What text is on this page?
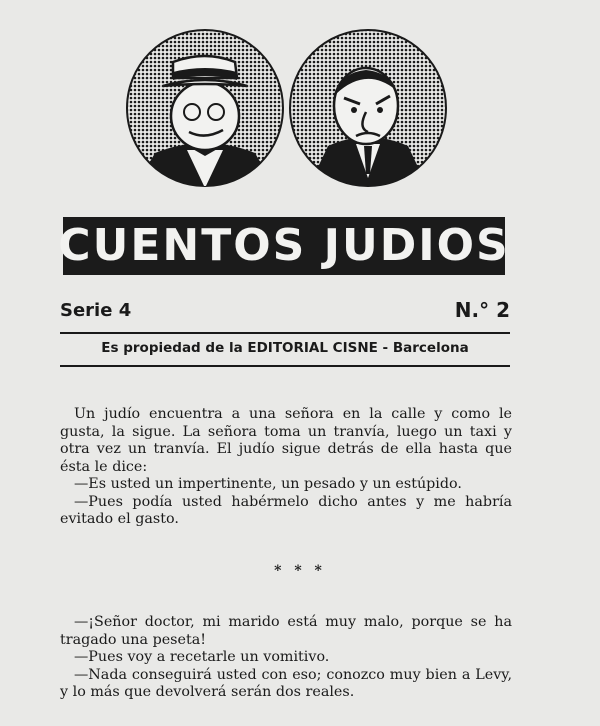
CUENTOS JUDIOS
Serie 4	N.° 2
Es propiedad de la EDITORIAL CISNE - Barcelona

Un judío encuentra a una señora en la calle y como le gusta, la sigue. La señora toma un tranvía, luego un taxi y otra vez un tranvía. El judío sigue detrás de ella hasta que ésta le dice:

—Es usted un impertinente, un pesado y un estúpido.

—Pues podía usted habérmelo dicho antes y me habría evitado el gasto.

* * *

—¡Señor doctor, mi marido está muy malo, porque se ha tragado una peseta!

—Pues voy a recetarle un vomitivo.

—Nada conseguirá usted con eso; conozco muy bien a Levy, y lo más que devolverá serán dos reales.
